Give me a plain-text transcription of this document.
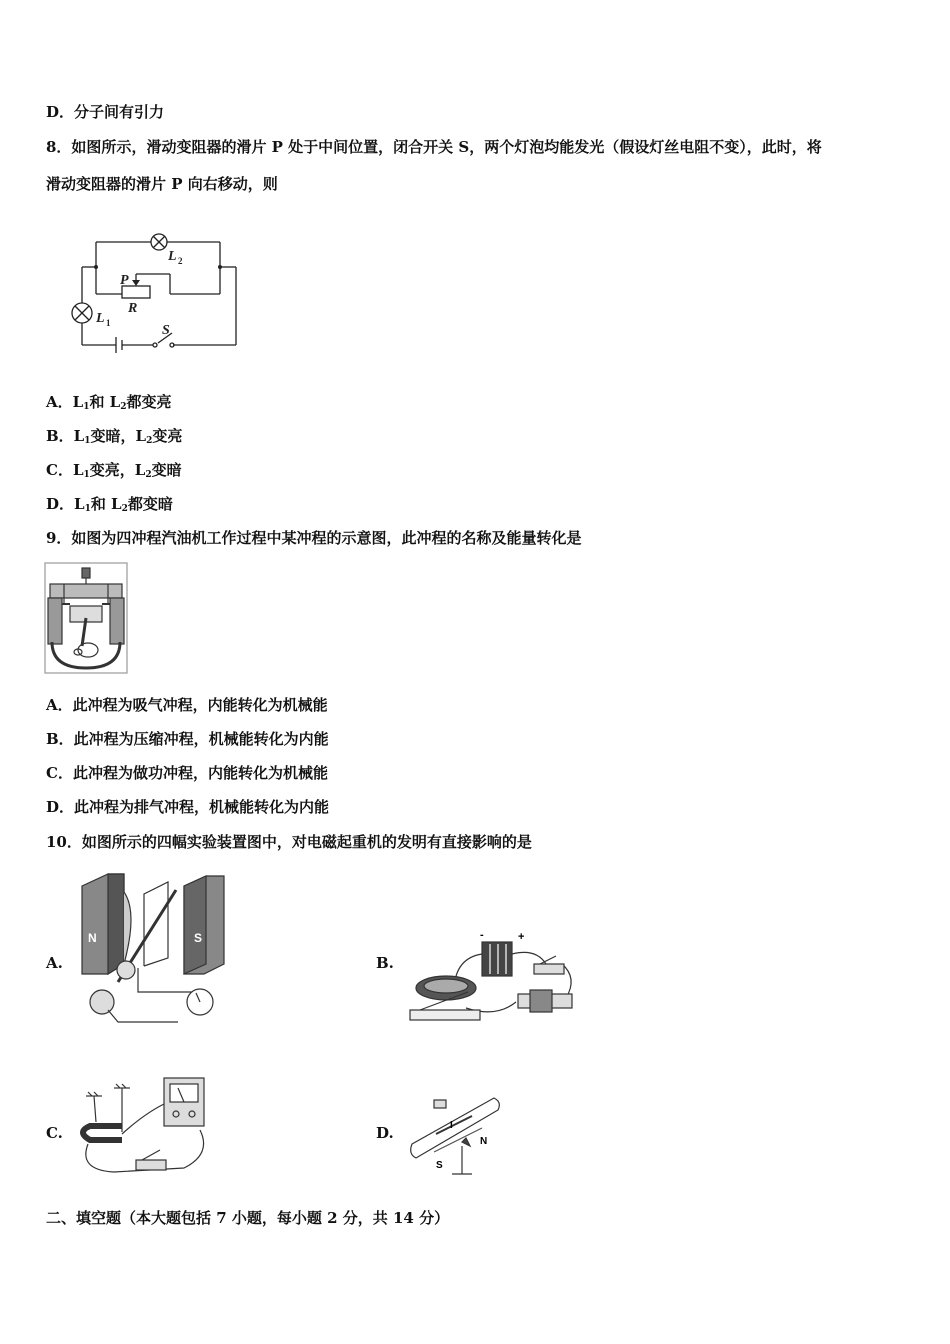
D．分子间有引力
8．如图所示，滑动变阻器的滑片 P 处于中间位置，闭合开关 S，两个灯泡均能发光（假设灯丝电阻不变），此时，将
滑动变阻器的滑片 P 向右移动，则
L 2
P
R
L 1	S
A．$L_1$和 $L_2$都变亮
B．$L_1$变暗，$L_2$变亮
C．$L_1$变亮，$L_2$变暗
D．$L_1$和 $L_2$都变暗
9．如图为四冲程汽油机工作过程中某冲程的示意图，此冲程的名称及能量转化是
A．此冲程为吸气冲程，内能转化为机械能
B．此冲程为压缩冲程，机械能转化为内能
C．此冲程为做功冲程，内能转化为机械能
D．此冲程为排气冲程，机械能转化为内能
10．如图所示的四幅实验装置图中，对电磁起重机的发明有直接影响的是
A.
N	S
B.
-	+
C.	D.	I
N
S
二、填空题（本大题包括 7 小题，每小题 2 分，共 14 分）
